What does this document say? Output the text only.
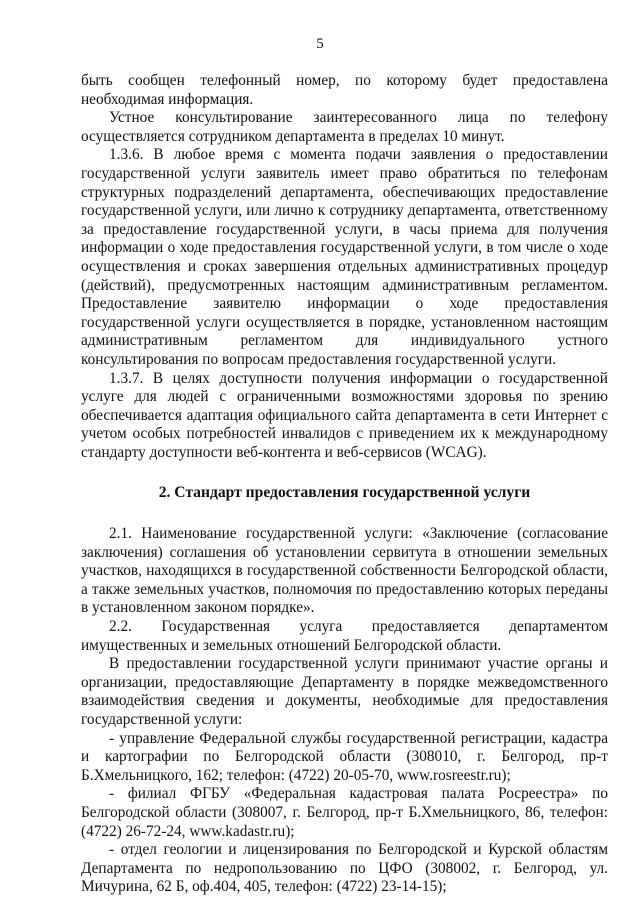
5

быть сообщен телефонный номер, по которому будет предоставлена необходимая информация.

Устное консультирование заинтересованного лица по телефону осуществляется сотрудником департамента в пределах 10 минут.

1.3.6. В любое время с момента подачи заявления о предоставлении государственной услуги заявитель имеет право обратиться по телефонам структурных подразделений департамента, обеспечивающих предоставление государственной услуги, или лично к сотруднику департамента, ответственному за предоставление государственной услуги, в часы приема для получения информации о ходе предоставления государственной услуги, в том числе о ходе осуществления и сроках завершения отдельных административных процедур (действий), предусмотренных настоящим административным регламентом. Предоставление заявителю информации о ходе предоставления государственной услуги осуществляется в порядке, установленном настоящим административным регламентом для индивидуального устного консультирования по вопросам предоставления государственной услуги.

1.3.7. В целях доступности получения информации о государственной услуге для людей с ограниченными возможностями здоровья по зрению обеспечивается адаптация официального сайта департамента в сети Интернет с учетом особых потребностей инвалидов с приведением их к международному стандарту доступности веб-контента и веб-сервисов (WCAG).

2. Стандарт предоставления государственной услуги

2.1. Наименование государственной услуги: «Заключение (согласование заключения) соглашения об установлении сервитута в отношении земельных участков, находящихся в государственной собственности Белгородской области, а также земельных участков, полномочия по предоставлению которых переданы в установленном законом порядке».

2.2. Государственная услуга предоставляется департаментом имущественных и земельных отношений Белгородской области.

В предоставлении государственной услуги принимают участие органы и организации, предоставляющие Департаменту в порядке межведомственного взаимодействия сведения и документы, необходимые для предоставления государственной услуги:

- управление Федеральной службы государственной регистрации, кадастра и картографии по Белгородской области (308010, г. Белгород, пр-т Б.Хмельницкого, 162; телефон: (4722) 20-05-70, www.rosreestr.ru);

- филиал ФГБУ «Федеральная кадастровая палата Росреестра» по Белгородской области (308007, г. Белгород, пр-т Б.Хмельницкого, 86, телефон: (4722) 26-72-24, www.kadastr.ru);

- отдел геологии и лицензирования по Белгородской и Курской областям Департамента по недропользованию по ЦФО (308002, г. Белгород, ул. Мичурина, 62 Б, оф.404, 405, телефон: (4722) 23-14-15);
